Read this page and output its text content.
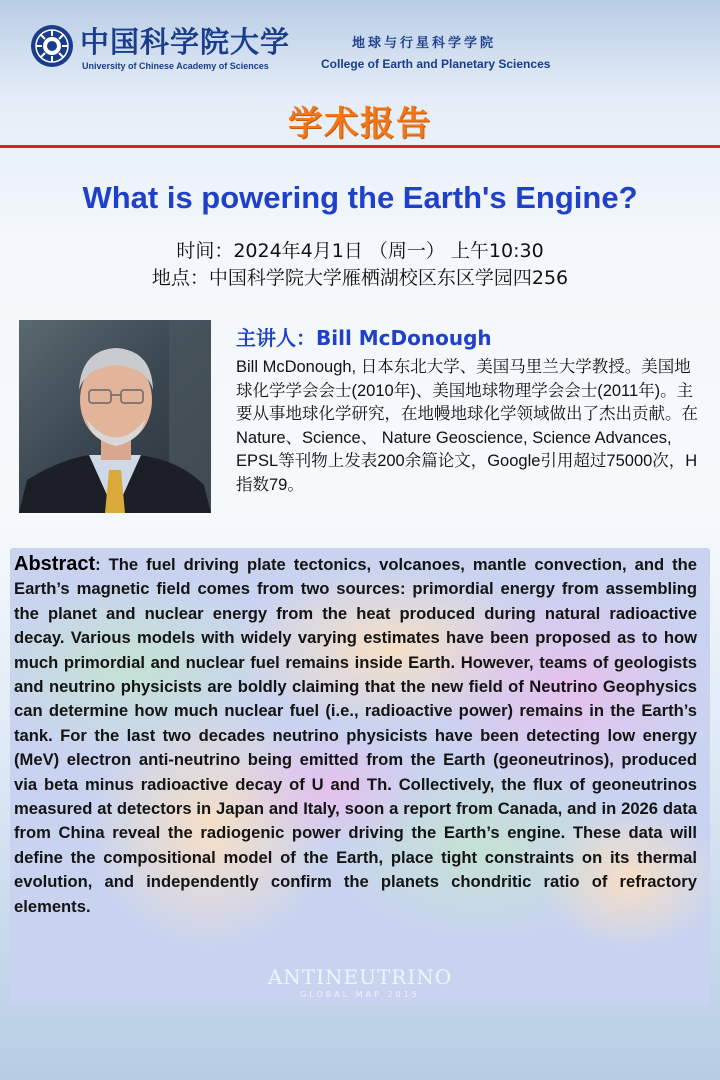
中国科学院大学
University of Chinese Academy of Sciences
地球与行星科学学院
College of Earth and Planetary Sciences
学术报告
What is powering the Earth's Engine?
时间：2024年4月1日 （周一） 上午10:30
地点：中国科学院大学雁栖湖校区东区学园四256
主讲人：Bill McDonough
Bill McDonough, 日本东北大学、美国马里兰大学教授。美国地球化学学会会士(2010年)、美国地球物理学会会士(2011年)。主要从事地球化学研究，在地幔地球化学领域做出了杰出贡献。在Nature、Science、 Nature Geoscience, Science Advances, EPSL等刊物上发表200余篇论文，Google引用超过75000次，H指数79。
ANTINEUTRINO
GLOBAL MAP 2015
Abstract: The fuel driving plate tectonics, volcanoes, mantle convection, and the Earth’s magnetic field comes from two sources: primordial energy from assembling the planet and nuclear energy from the heat produced during natural radioactive decay. Various models with widely varying estimates have been proposed as to how much primordial and nuclear fuel remains inside Earth. However, teams of geologists and neutrino physicists are boldly claiming that the new field of Neutrino Geophysics can determine how much nuclear fuel (i.e., radioactive power) remains in the Earth’s tank. For the last two decades neutrino physicists have been detecting low energy (MeV) electron anti-neutrino being emitted from the Earth (geoneutrinos), produced via beta minus radioactive decay of U and Th. Collectively, the flux of geoneutrinos measured at detectors in Japan and Italy, soon a report from Canada, and in 2026 data from China reveal the radiogenic power driving the Earth’s engine. These data will define the compositional model of the Earth, place tight constraints on its thermal evolution, and independently confirm the planets chondritic ratio of refractory elements.
